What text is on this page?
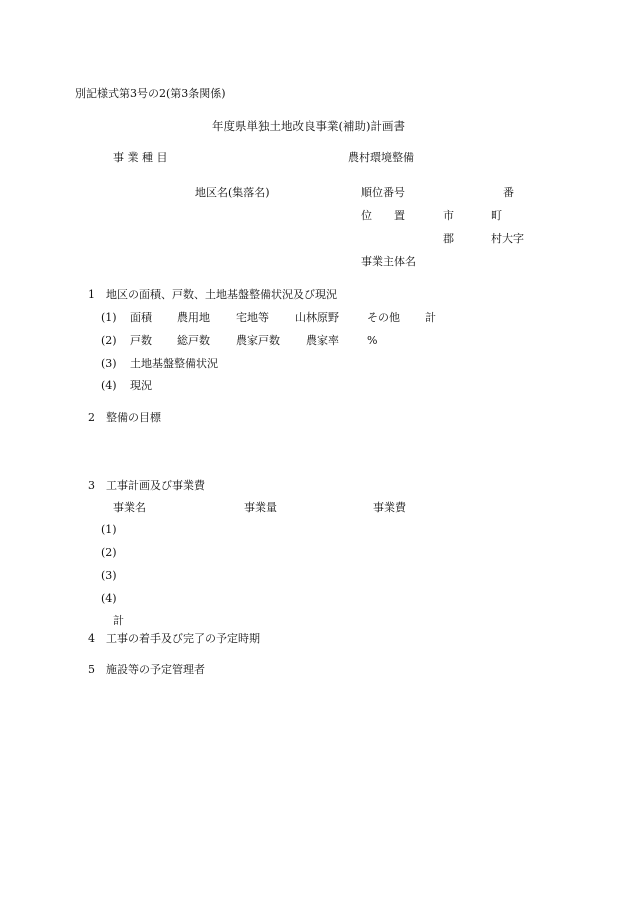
別記様式第3号の2(第3条関係)
年度県単独土地改良事業(補助)計画書
事 業 種 目	農村環境整備
地区名(集落名)	順位番号	番
位　　置	市	町
郡	村大字
事業主体名
1　地区の面積、戸数、土地基盤整備状況及び現況
(1) 面積 農用地 宅地等 山林原野	その他 計
(2) 戸数 総戸数 農家戸数 農家率	%
(3) 土地基盤整備状況
(4) 現況
2　整備の目標
3　工事計画及び事業費
事業名	事業量	事業費
(1)
(2)
(3)
(4)
計
4　工事の着手及び完了の予定時期
5　施設等の予定管理者
